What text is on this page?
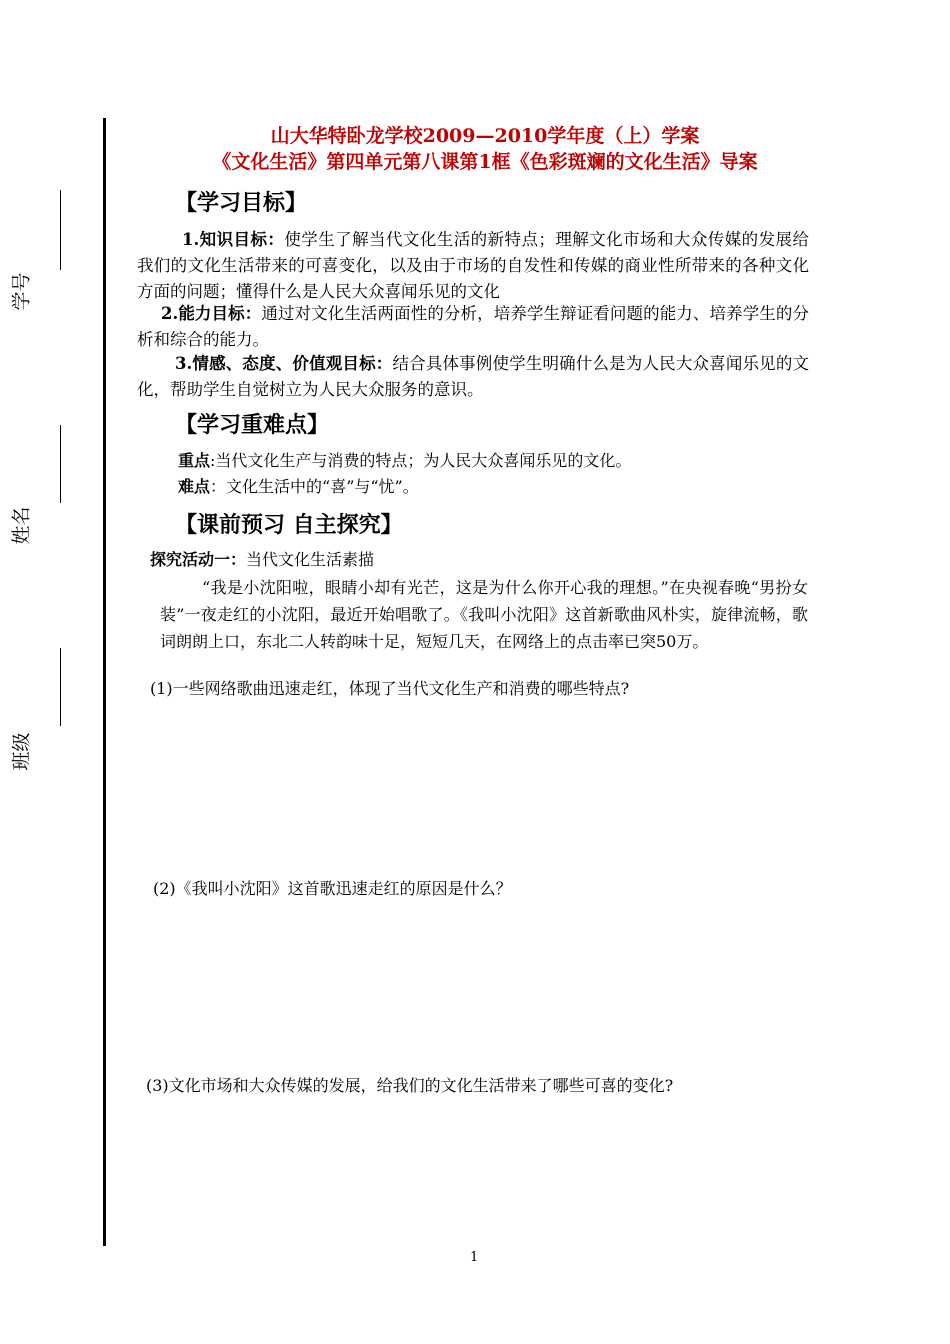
学号
姓名
班级
山大华特卧龙学校2009—2010学年度（上）学案
《文化生活》第四单元第八课第1框《色彩斑斓的文化生活》导案
【学习目标】
1.知识目标：使学生了解当代文化生活的新特点；理解文化市场和大众传媒的发展给我们的文化生活带来的可喜变化，以及由于市场的自发性和传媒的商业性所带来的各种文化方面的问题；懂得什么是人民大众喜闻乐见的文化
2.能力目标：通过对文化生活两面性的分析，培养学生辩证看问题的能力、培养学生的分析和综合的能力。
3.情感、态度、价值观目标：结合具体事例使学生明确什么是为人民大众喜闻乐见的文化，帮助学生自觉树立为人民大众服务的意识。
【学习重难点】
重点:当代文化生产与消费的特点；为人民大众喜闻乐见的文化。
难点：文化生活中的“喜”与“忧”。
【课前预习 自主探究】
探究活动一：当代文化生活素描
“我是小沈阳啦，眼睛小却有光芒，这是为什么你开心我的理想。”在央视春晚“男扮女装”一夜走红的小沈阳，最近开始唱歌了。《我叫小沈阳》这首新歌曲风朴实，旋律流畅，歌词朗朗上口，东北二人转韵味十足，短短几天，在网络上的点击率已突50万。
(1)一些网络歌曲迅速走红，体现了当代文化生产和消费的哪些特点?
(2)《我叫小沈阳》这首歌迅速走红的原因是什么？
(3)文化市场和大众传媒的发展，给我们的文化生活带来了哪些可喜的变化?
1
